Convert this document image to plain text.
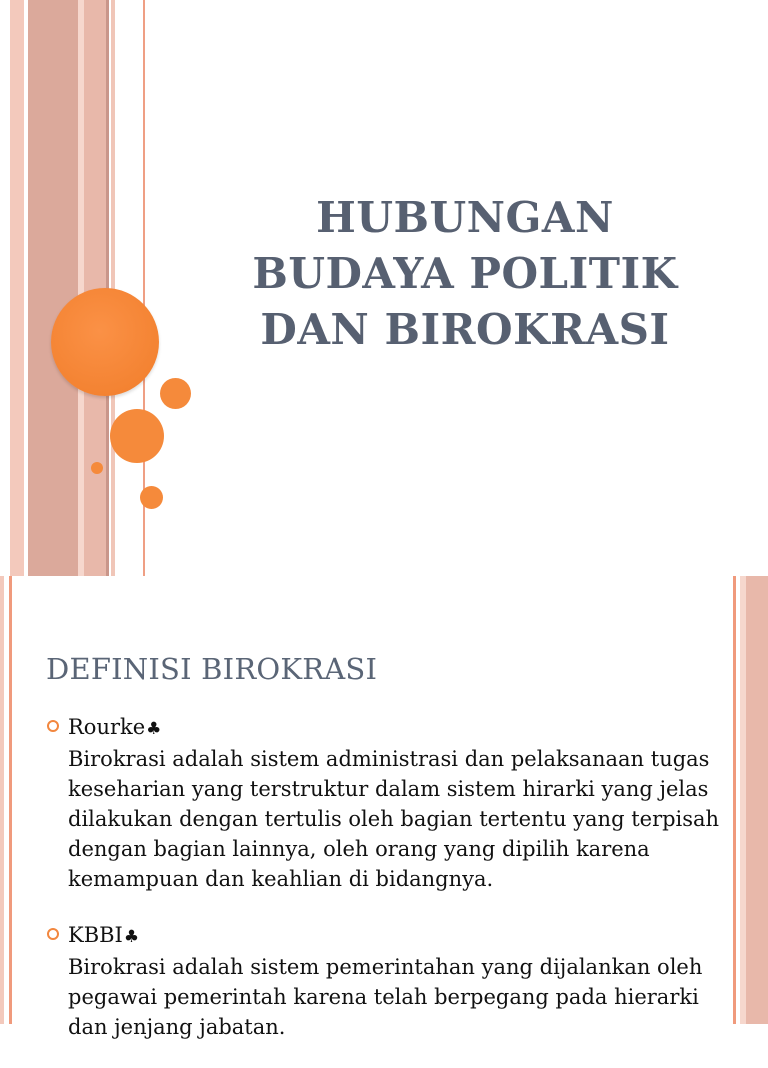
HUBUNGAN
BUDAYA POLITIK
DAN BIROKRASI
DEFINISI BIROKRASI
Rourke♣
Birokrasi adalah sistem administrasi dan pelaksanaan tugas keseharian yang terstruktur dalam sistem hirarki yang jelas dilakukan dengan tertulis oleh bagian tertentu yang terpisah dengan bagian lainnya, oleh orang yang dipilih karena kemampuan dan keahlian di bidangnya.
KBBI♣
Birokrasi adalah sistem pemerintahan yang dijalankan oleh pegawai pemerintah karena telah berpegang pada hierarki dan jenjang jabatan.
